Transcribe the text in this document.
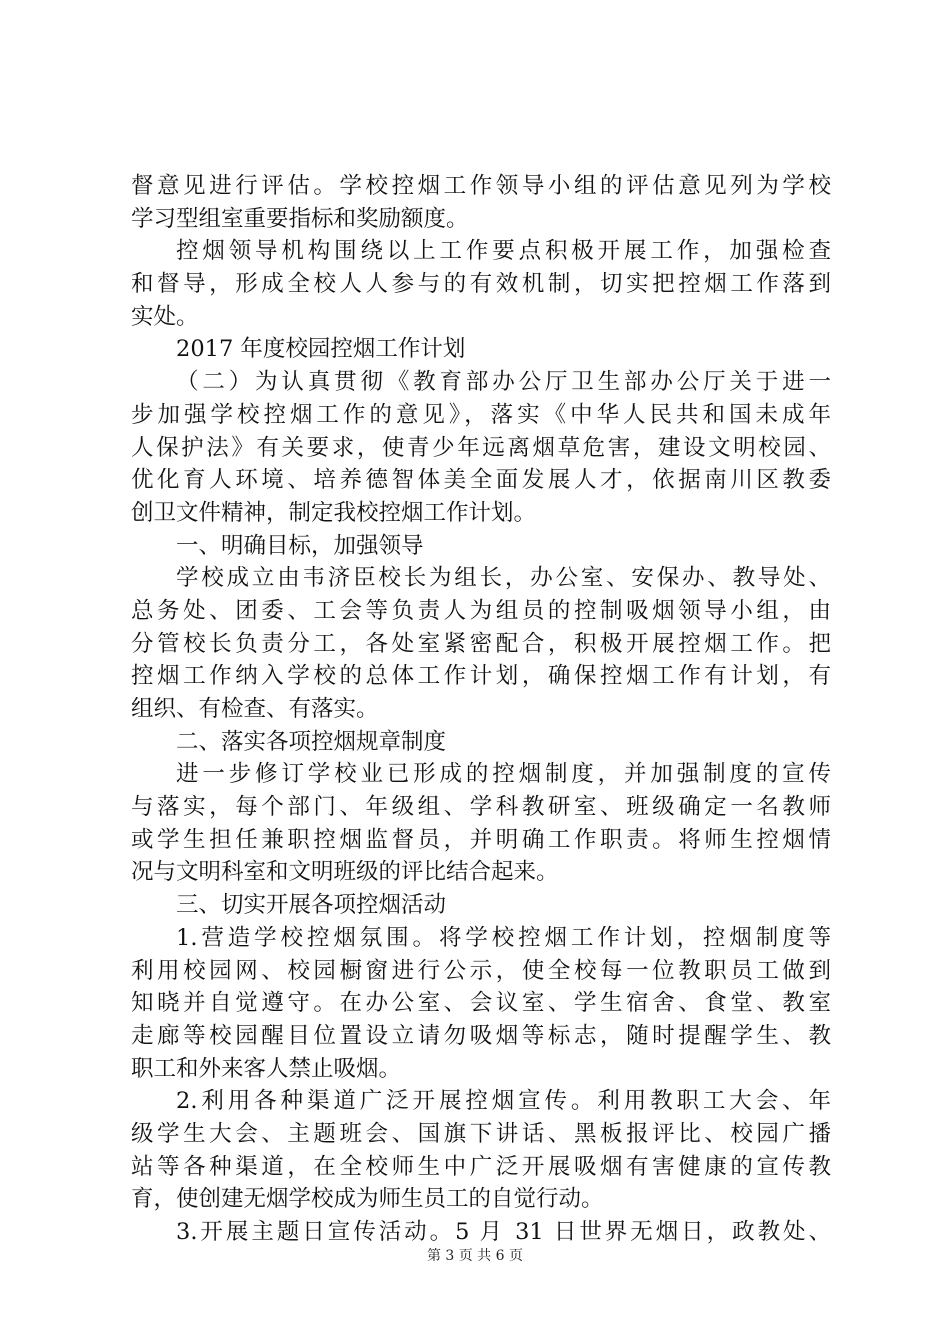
督意见进行评估。学校控烟工作领导小组的评估意见列为学校
学习型组室重要指标和奖励额度。
控烟领导机构围绕以上工作要点积极开展工作，加强检查
和督导，形成全校人人参与的有效机制，切实把控烟工作落到
实处。
2017 年度校园控烟工作计划
（二）为认真贯彻《教育部办公厅卫生部办公厅关于进一
步加强学校控烟工作的意见》，落实《中华人民共和国未成年
人保护法》有关要求，使青少年远离烟草危害，建设文明校园、
优化育人环境、培养德智体美全面发展人才，依据南川区教委
创卫文件精神，制定我校控烟工作计划。
一、明确目标，加强领导
学校成立由韦济臣校长为组长，办公室、安保办、教导处、
总务处、团委、工会等负责人为组员的控制吸烟领导小组，由
分管校长负责分工，各处室紧密配合，积极开展控烟工作。把
控烟工作纳入学校的总体工作计划，确保控烟工作有计划，有
组织、有检查、有落实。
二、落实各项控烟规章制度
进一步修订学校业已形成的控烟制度，并加强制度的宣传
与落实，每个部门、年级组、学科教研室、班级确定一名教师
或学生担任兼职控烟监督员，并明确工作职责。将师生控烟情
况与文明科室和文明班级的评比结合起来。
三、切实开展各项控烟活动
1.营造学校控烟氛围。将学校控烟工作计划，控烟制度等
利用校园网、校园橱窗进行公示，使全校每一位教职员工做到
知晓并自觉遵守。在办公室、会议室、学生宿舍、食堂、教室
走廊等校园醒目位置设立请勿吸烟等标志，随时提醒学生、教
职工和外来客人禁止吸烟。
2.利用各种渠道广泛开展控烟宣传。利用教职工大会、年
级学生大会、主题班会、国旗下讲话、黑板报评比、校园广播
站等各种渠道，在全校师生中广泛开展吸烟有害健康的宣传教
育，使创建无烟学校成为师生员工的自觉行动。
3.开展主题日宣传活动。5 月 31 日世界无烟日，政教处、
第 3 页 共 6 页
